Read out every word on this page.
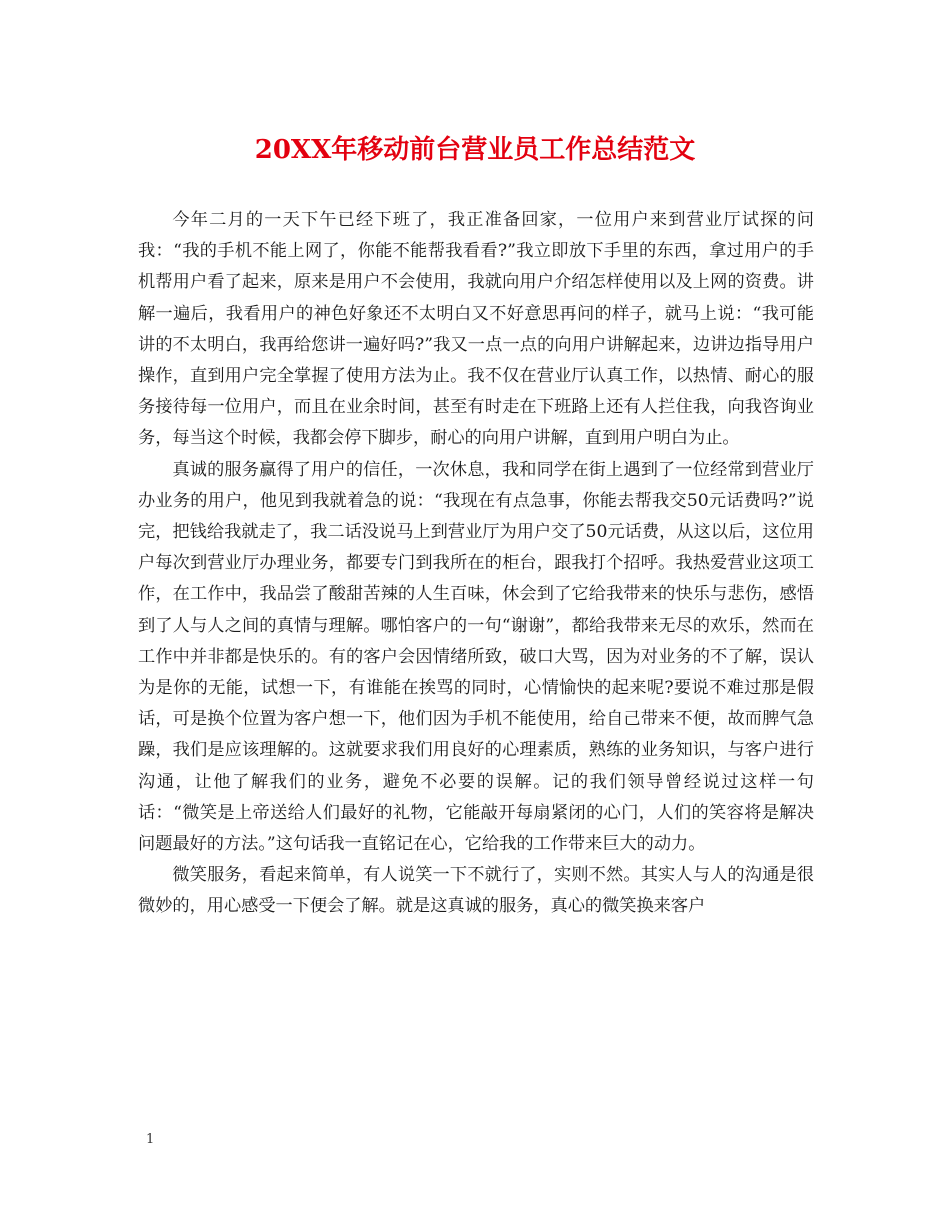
20XX年移动前台营业员工作总结范文

今年二月的一天下午已经下班了，我正准备回家，一位用户来到营业厅试探的问我：“我的手机不能上网了，你能不能帮我看看?”我立即放下手里的东西，拿过用户的手机帮用户看了起来，原来是用户不会使用，我就向用户介绍怎样使用以及上网的资费。讲解一遍后，我看用户的神色好象还不太明白又不好意思再问的样子，就马上说：“我可能讲的不太明白，我再给您讲一遍好吗?”我又一点一点的向用户讲解起来，边讲边指导用户操作，直到用户完全掌握了使用方法为止。我不仅在营业厅认真工作，以热情、耐心的服务接待每一位用户，而且在业余时间，甚至有时走在下班路上还有人拦住我，向我咨询业务，每当这个时候，我都会停下脚步，耐心的向用户讲解，直到用户明白为止。

真诚的服务赢得了用户的信任，一次休息，我和同学在街上遇到了一位经常到营业厅办业务的用户，他见到我就着急的说：“我现在有点急事，你能去帮我交50元话费吗?”说完，把钱给我就走了，我二话没说马上到营业厅为用户交了50元话费，从这以后，这位用户每次到营业厅办理业务，都要专门到我所在的柜台，跟我打个招呼。我热爱营业这项工作，在工作中，我品尝了酸甜苦辣的人生百味，休会到了它给我带来的快乐与悲伤，感悟到了人与人之间的真情与理解。哪怕客户的一句“谢谢”，都给我带来无尽的欢乐，然而在工作中并非都是快乐的。有的客户会因情绪所致，破口大骂，因为对业务的不了解，误认为是你的无能，试想一下，有谁能在挨骂的同时，心情愉快的起来呢?要说不难过那是假话，可是换个位置为客户想一下，他们因为手机不能使用，给自己带来不便，故而脾气急躁，我们是应该理解的。这就要求我们用良好的心理素质，熟练的业务知识，与客户进行沟通，让他了解我们的业务，避免不必要的误解。记的我们领导曾经说过这样一句话：“微笑是上帝送给人们最好的礼物，它能敲开每扇紧闭的心门，人们的笑容将是解决问题最好的方法。”这句话我一直铭记在心，它给我的工作带来巨大的动力。

微笑服务，看起来简单，有人说笑一下不就行了，实则不然。其实人与人的沟通是很微妙的，用心感受一下便会了解。就是这真诚的服务，真心的微笑换来客户

1
